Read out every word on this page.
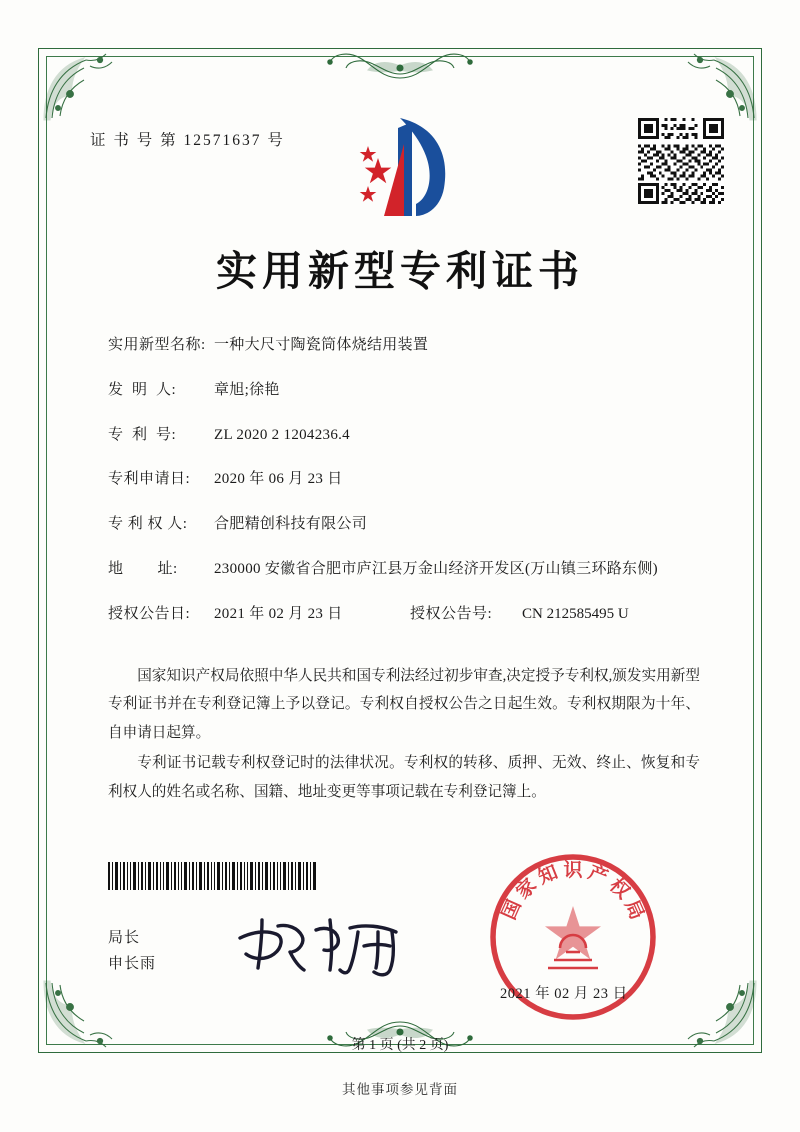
证 书 号 第 12571637 号
实用新型专利证书
实用新型名称: 一种大尺寸陶瓷筒体烧结用装置
发  明  人:	章旭;徐艳
专  利  号:	ZL 2020 2 1204236.4
专利申请日:	2020 年 06 月 23 日
专 利 权 人:	合肥精创科技有限公司
地        址:	230000 安徽省合肥市庐江县万金山经济开发区(万山镇三环路东侧)
授权公告日:	2021 年 02 月 23 日	授权公告号:	CN 212585495 U

国家知识产权局依照中华人民共和国专利法经过初步审查,决定授予专利权,颁发实用新型专利证书并在专利登记簿上予以登记。专利权自授权公告之日起生效。专利权期限为十年、自申请日起算。

专利证书记载专利权登记时的法律状况。专利权的转移、质押、无效、终止、恢复和专利权人的姓名或名称、国籍、地址变更等事项记载在专利登记簿上。

局长
申长雨
国
家
知 识 产
权
局
2021 年 02 月 23 日
第 1 页 (共 2 页)
其他事项参见背面
